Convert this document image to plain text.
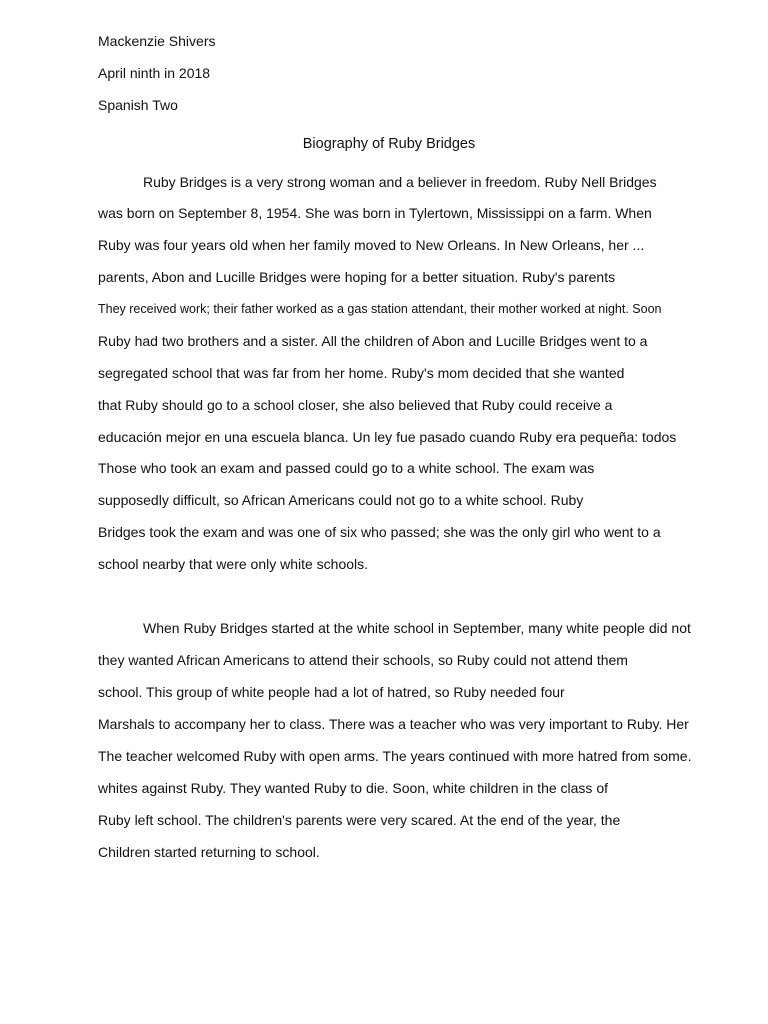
Mackenzie Shivers
April ninth in 2018
Spanish Two
Biography of Ruby Bridges
Ruby Bridges is a very strong woman and a believer in freedom. Ruby Nell Bridges
was born on September 8, 1954. She was born in Tylertown, Mississippi on a farm. When
Ruby was four years old when her family moved to New Orleans. In New Orleans, her ...
parents, Abon and Lucille Bridges were hoping for a better situation. Ruby's parents
They received work; their father worked as a gas station attendant, their mother worked at night. Soon
Ruby had two brothers and a sister. All the children of Abon and Lucille Bridges went to a
segregated school that was far from her home. Ruby's mom decided that she wanted
that Ruby should go to a school closer, she also believed that Ruby could receive a
educación mejor en una escuela blanca. Un ley fue pasado cuando Ruby era pequeña: todos
Those who took an exam and passed could go to a white school. The exam was
supposedly difficult, so African Americans could not go to a white school. Ruby
Bridges took the exam and was one of six who passed; she was the only girl who went to a
school nearby that were only white schools.
When Ruby Bridges started at the white school in September, many white people did not
they wanted African Americans to attend their schools, so Ruby could not attend them
school. This group of white people had a lot of hatred, so Ruby needed four
Marshals to accompany her to class. There was a teacher who was very important to Ruby. Her
The teacher welcomed Ruby with open arms. The years continued with more hatred from some.
whites against Ruby. They wanted Ruby to die. Soon, white children in the class of
Ruby left school. The children's parents were very scared. At the end of the year, the
Children started returning to school.
